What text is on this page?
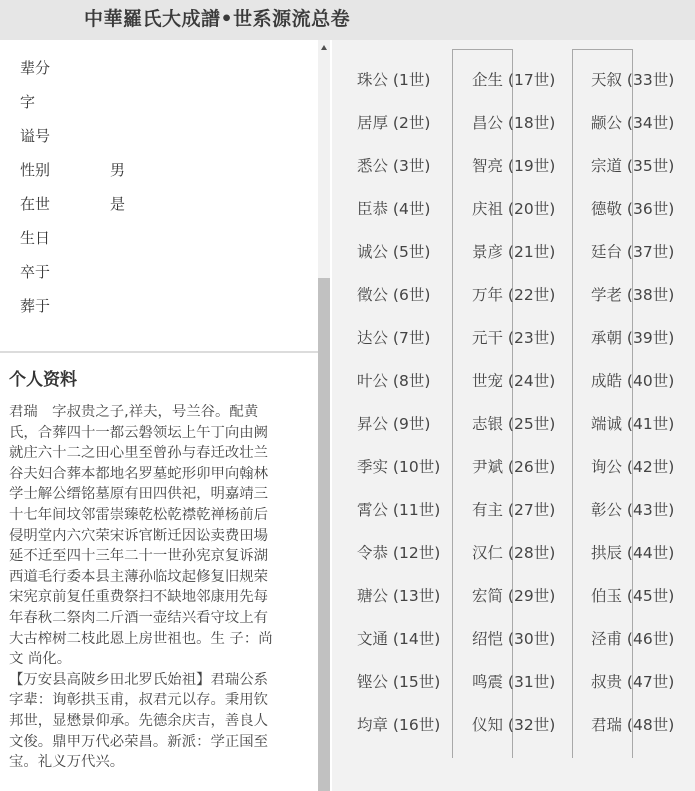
中華羅氏大成譜•世系源流总卷
辈分
字
谥号
性别	男
在世	是
生日
卒于
葬于
个人资料
君瑞　字叔贵之子,祥夫，号兰谷。配黄
氏，合葬四十一都云磐领坛上午丁向由阙
就庄六十二之田心里至曾孙与春迁改壮兰
谷夫妇合葬本都地名罗墓蛇形卯甲向翰林
学士解公缙铭墓原有田四供祀，明嘉靖三
十七年间坟邻雷崇臻乾松乾襟乾禅杨前后
侵明堂内六穴荣宋诉官断迁因讼卖费田場
延不迁至四十三年二十一世孙宪京复诉湖
西道毛行委本县主薄孙临坟起修复旧规荣
宋宪京前复任重费祭扫不缺地邻康用先每
年春秋二祭肉二斤酒一壶结兴看守坟上有
大古榨树二枝此恩上房世祖也。生 子：尚
文 尚化。
【万安县高陂乡田北罗氏始祖】君瑞公系
字辈：询彰拱玉甫，叔君元以存。秉用钦
邦世，显懋景仰承。先德余庆吉，善良人
文俊。鼎甲万代必荣昌。新派：学正国至
宝。礼义万代兴。
珠公 (1世)
居厚 (2世)
悉公 (3世)
臣恭 (4世)
诚公 (5世)
徵公 (6世)
达公 (7世)
叶公 (8世)
昇公 (9世)
季实 (10世)
霄公 (11世)
令恭 (12世)
瑭公 (13世)
文通 (14世)
铿公 (15世)
均章 (16世)
企生 (17世)
昌公 (18世)
智亮 (19世)
庆祖 (20世)
景彦 (21世)
万年 (22世)
元干 (23世)
世宠 (24世)
志银 (25世)
尹斌 (26世)
有主 (27世)
汉仁 (28世)
宏简 (29世)
绍恺 (30世)
鸣震 (31世)
仪知 (32世)
天叙 (33世)
颛公 (34世)
宗道 (35世)
德敬 (36世)
廷台 (37世)
学老 (38世)
承朝 (39世)
成皓 (40世)
端诚 (41世)
询公 (42世)
彰公 (43世)
拱辰 (44世)
伯玉 (45世)
泾甫 (46世)
叔贵 (47世)
君瑞 (48世)
